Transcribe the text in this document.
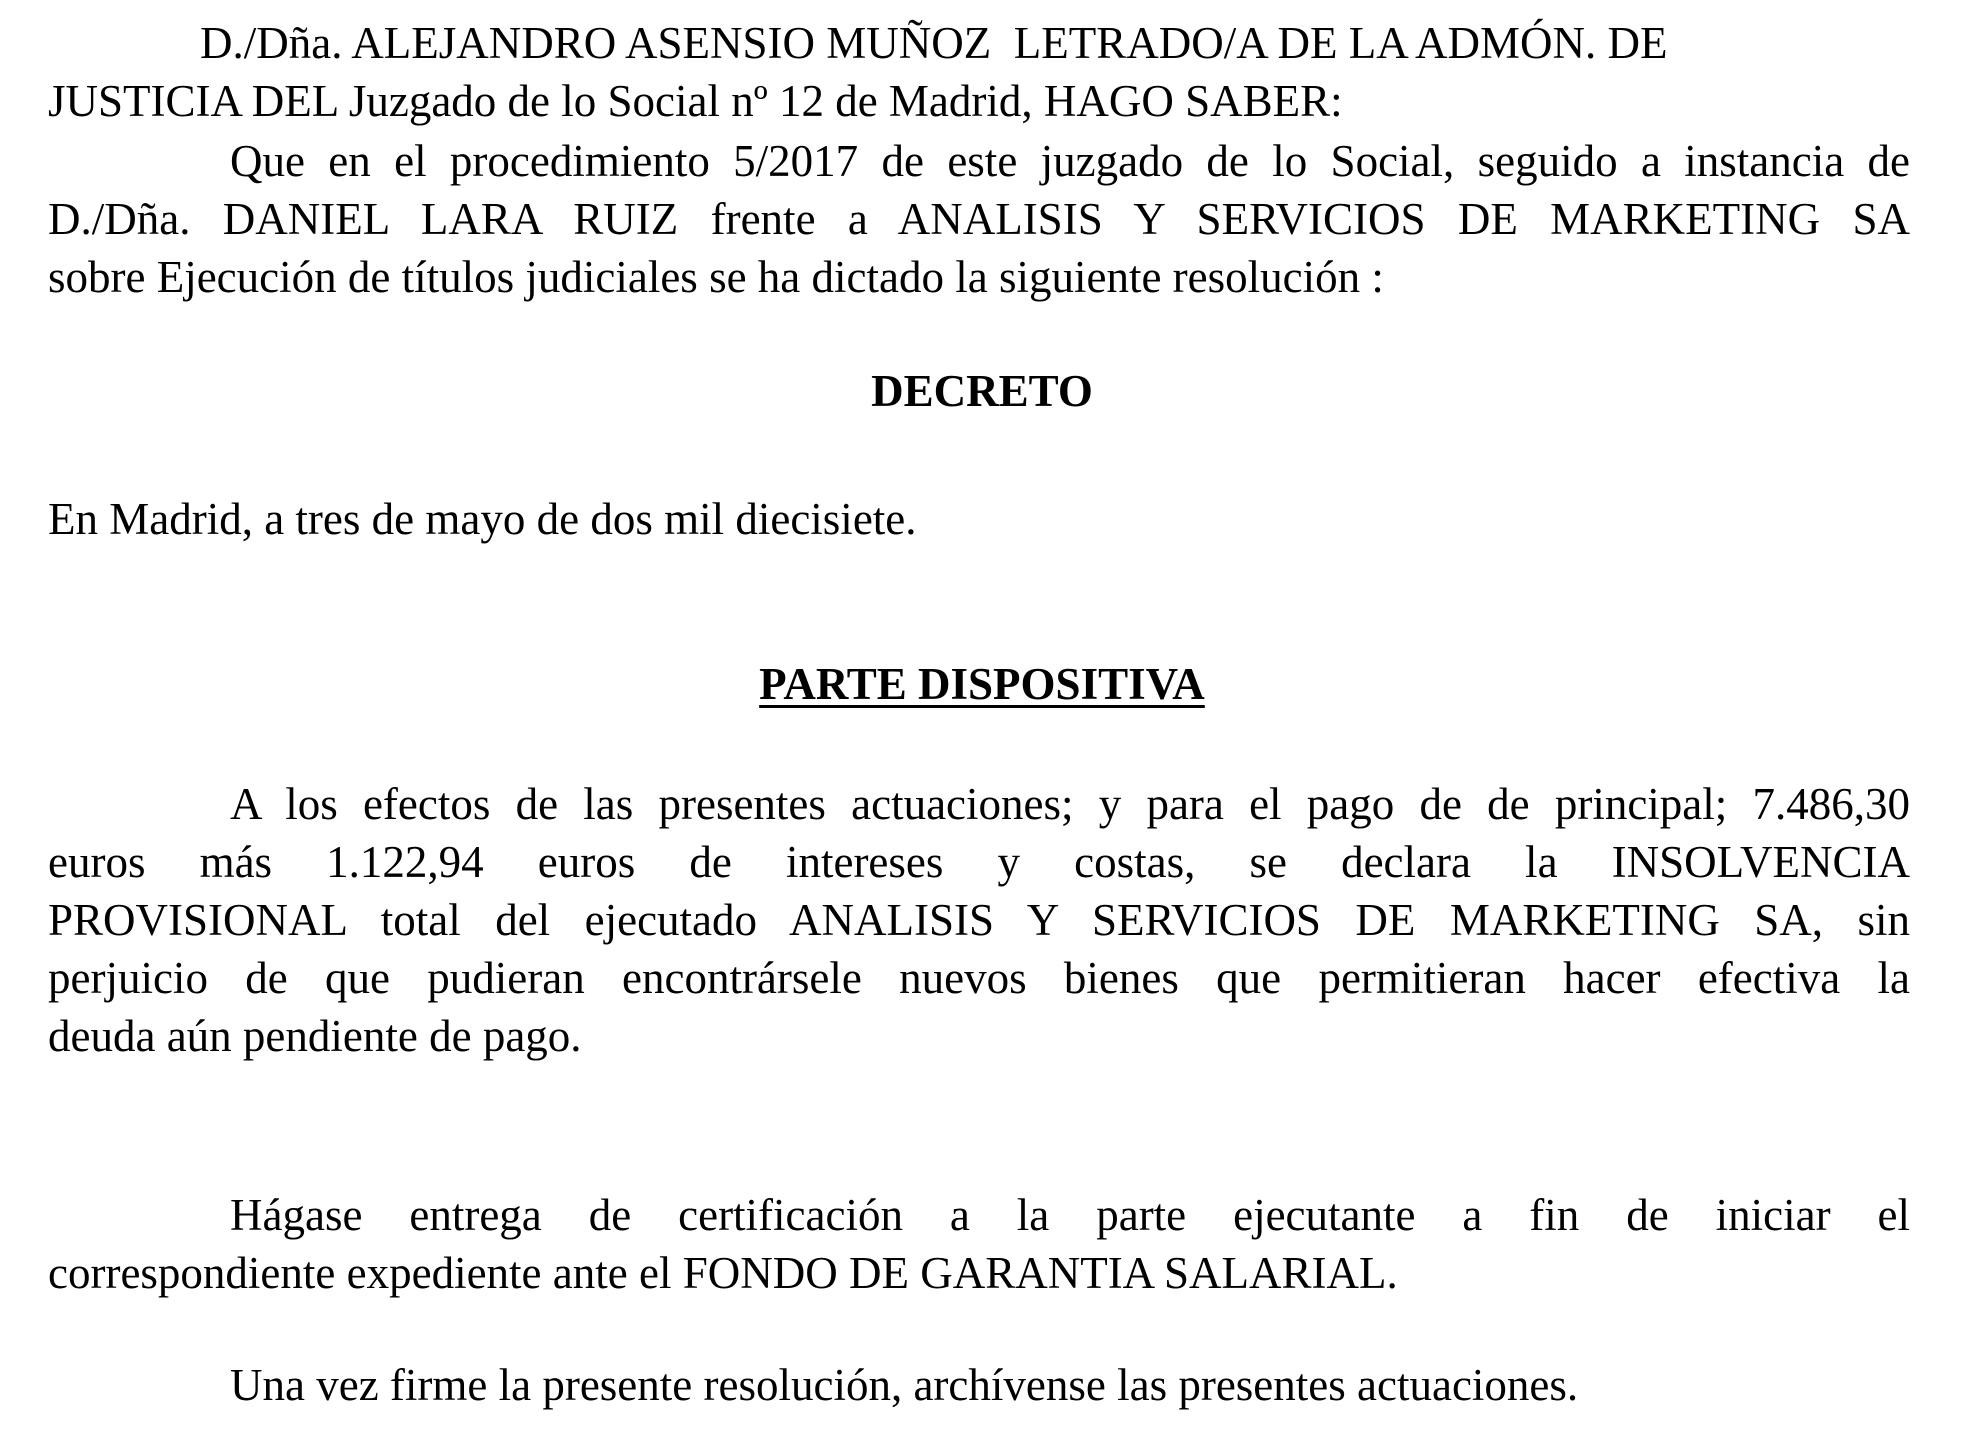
D./Dña. ALEJANDRO ASENSIO MUÑOZ  LETRADO/A DE LA ADMÓN. DE
JUSTICIA DEL Juzgado de lo Social nº 12 de Madrid, HAGO SABER:
Que en el procedimiento 5/2017 de este juzgado de lo Social, seguido a instancia de
D./Dña. DANIEL LARA RUIZ frente a ANALISIS Y SERVICIOS DE MARKETING SA
sobre Ejecución de títulos judiciales se ha dictado la siguiente resolución :
DECRETO
En Madrid, a tres de mayo de dos mil diecisiete.
PARTE DISPOSITIVA
A los efectos de las presentes actuaciones; y para el pago de de principal; 7.486,30
euros más 1.122,94 euros de intereses y costas, se declara la INSOLVENCIA
PROVISIONAL total del ejecutado ANALISIS Y SERVICIOS DE MARKETING SA, sin
perjuicio de que pudieran encontrársele nuevos bienes que permitieran hacer efectiva la
deuda aún pendiente de pago.
Hágase entrega de certificación a la parte ejecutante a fin de iniciar el
correspondiente expediente ante el FONDO DE GARANTIA SALARIAL.
Una vez firme la presente resolución, archívense las presentes actuaciones.
